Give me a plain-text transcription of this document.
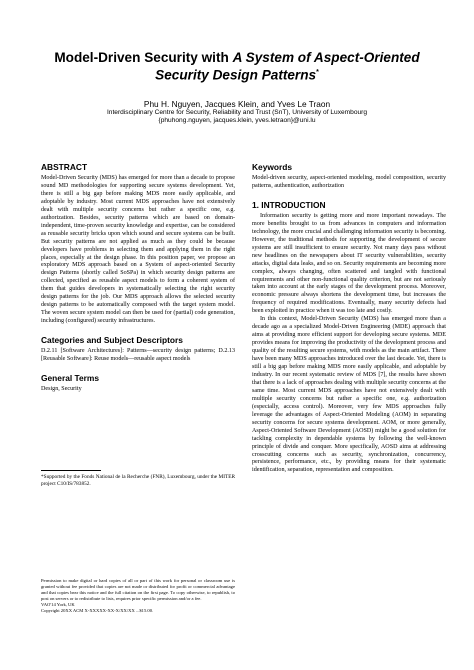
Model-Driven Security with A System of Aspect-Oriented
Security Design Patterns*
Phu H. Nguyen, Jacques Klein, and Yves Le Traon
Interdisciplinary Centre for Security, Reliability and Trust (SnT), University of Luxembourg
{phuhong.nguyen, jacques.klein, yves.letraon}@uni.lu
ABSTRACT

Model-Driven Security (MDS) has emerged for more than a decade to propose sound MD methodologies for supporting secure systems development. Yet, there is still a big gap before making MDS more easily applicable, and adoptable by industry. Most current MDS approaches have not extensively dealt with multiple security concerns but rather a specific one, e.g. authorization. Besides, security patterns which are based on domain-independent, time-proven security knowledge and expertise, can be considered as reusable security bricks upon which sound and secure systems can be built. But security patterns are not applied as much as they could be because developers have problems in selecting them and applying them in the right places, especially at the design phase. In this position paper, we propose an exploratory MDS approach based on a System of aspect-oriented Security design Patterns (shortly called SoSPa) in which security design patterns are collected, specified as reusable aspect models to form a coherent system of them that guides developers in systematically selecting the right security design patterns for the job. Our MDS approach allows the selected security design patterns to be automatically composed with the target system model. The woven secure system model can then be used for (partial) code generation, including (configured) security infrastructures.

Categories and Subject Descriptors

D.2.11 [Software Architectures]: Patterns—security design patterns; D.2.13 [Reusable Software]: Reuse models—reusable aspect models

General Terms

Design, Security

*Supported by the Fonds National de la Recherche (FNR), Luxembourg, under the MITER project C10/IS/783852.
Permission to make digital or hard copies of all or part of this work for personal or classroom use is granted without fee provided that copies are not made or distributed for profit or commercial advantage and that copies bear this notice and the full citation on the first page. To copy otherwise, to republish, to post on servers or to redistribute to lists, requires prior specific permission and/or a fee.
VAO'14 York, UK
Copyright 20XX ACM X-XXXXX-XX-X/XX/XX ...$15.00.
Keywords

Model-driven security, aspect-oriented modeling, model composition, security patterns, authentication, authorization

1. INTRODUCTION

Information security is getting more and more important nowadays. The more benefits brought to us from advances in computers and information technology, the more crucial and challenging information security is becoming. However, the traditional methods for supporting the development of secure systems are still insufficient to ensure security. Not many days pass without new headlines on the newspapers about IT security vulnerabilities, security attacks, digital data leaks, and so on. Security requirements are becoming more complex, always changing, often scattered and tangled with functional requirements and other non-functional quality criterion, but are not seriously taken into account at the early stages of the development process. Moreover, economic pressure always shortens the development time, but increases the frequency of required modifications. Eventually, many security defects had been exploited in practice when it was too late and costly.

In this context, Model-Driven Security (MDS) has emerged more than a decade ago as a specialized Model-Driven Engineering (MDE) approach that aims at providing more efficient support for developing secure systems. MDE provides means for improving the productivity of the development process and quality of the resulting secure systems, with models as the main artifact. There have been many MDS approaches introduced over the last decade. Yet, there is still a big gap before making MDS more easily applicable, and adoptable by industry. In our recent systematic review of MDS [7], the results have shown that there is a lack of approaches dealing with multiple security concerns at the same time. Most current MDS approaches have not extensively dealt with multiple security concerns but rather a specific one, e.g. authorization (especially, access control). Moreover, very few MDS approaches fully leverage the advantages of Aspect-Oriented Modeling (AOM) in separating security concerns for secure systems development. AOM, or more generally, Aspect-Oriented Software Development (AOSD) might be a good solution for tackling complexity in dependable systems by following the well-known principle of divide and conquer. More specifically, AOSD aims at addressing crosscutting concerns such as security, synchronization, concurrency, persistence, performance, etc., by providing means for their systematic identification, separation, representation and composition.
